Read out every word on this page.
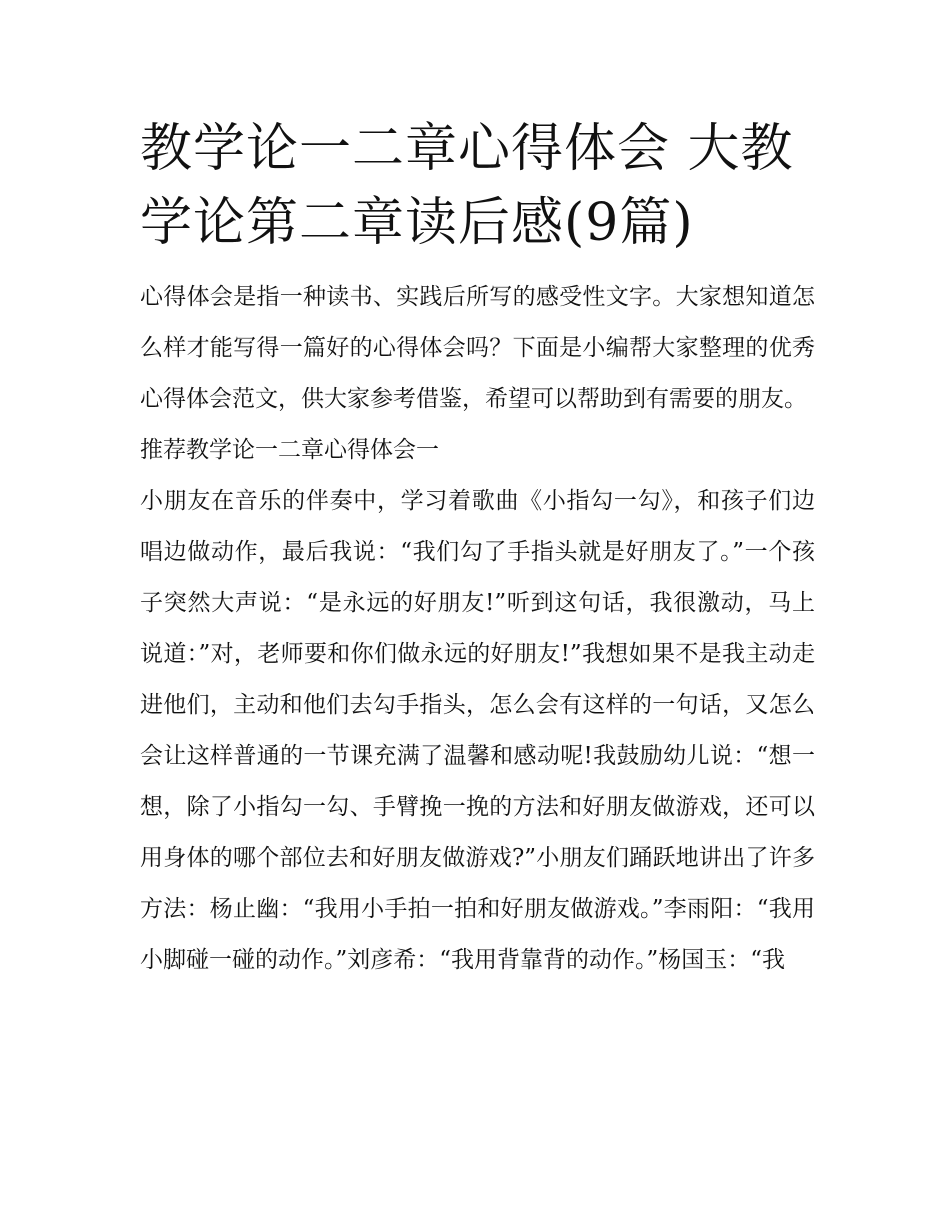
教学论一二章心得体会 大教学论第二章读后感(9篇)

心得体会是指一种读书、实践后所写的感受性文字。大家想知道怎么样才能写得一篇好的心得体会吗？下面是小编帮大家整理的优秀心得体会范文，供大家参考借鉴，希望可以帮助到有需要的朋友。

推荐教学论一二章心得体会一

小朋友在音乐的伴奏中，学习着歌曲《小指勾一勾》，和孩子们边唱边做动作，最后我说：“我们勾了手指头就是好朋友了。”一个孩子突然大声说：“是永远的好朋友!”听到这句话，我很激动，马上说道：”对，老师要和你们做永远的好朋友!”我想如果不是我主动走进他们，主动和他们去勾手指头，怎么会有这样的一句话，又怎么会让这样普通的一节课充满了温馨和感动呢!我鼓励幼儿说：“想一想，除了小指勾一勾、手臂挽一挽的方法和好朋友做游戏，还可以用身体的哪个部位去和好朋友做游戏?”小朋友们踊跃地讲出了许多方法：杨止幽：“我用小手拍一拍和好朋友做游戏。”李雨阳：“我用小脚碰一碰的动作。”刘彦希：“我用背靠背的动作。”杨国玉：“我
